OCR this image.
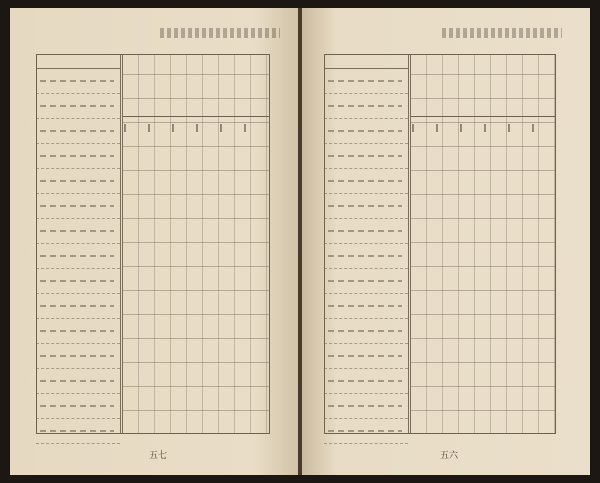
五七	五六
